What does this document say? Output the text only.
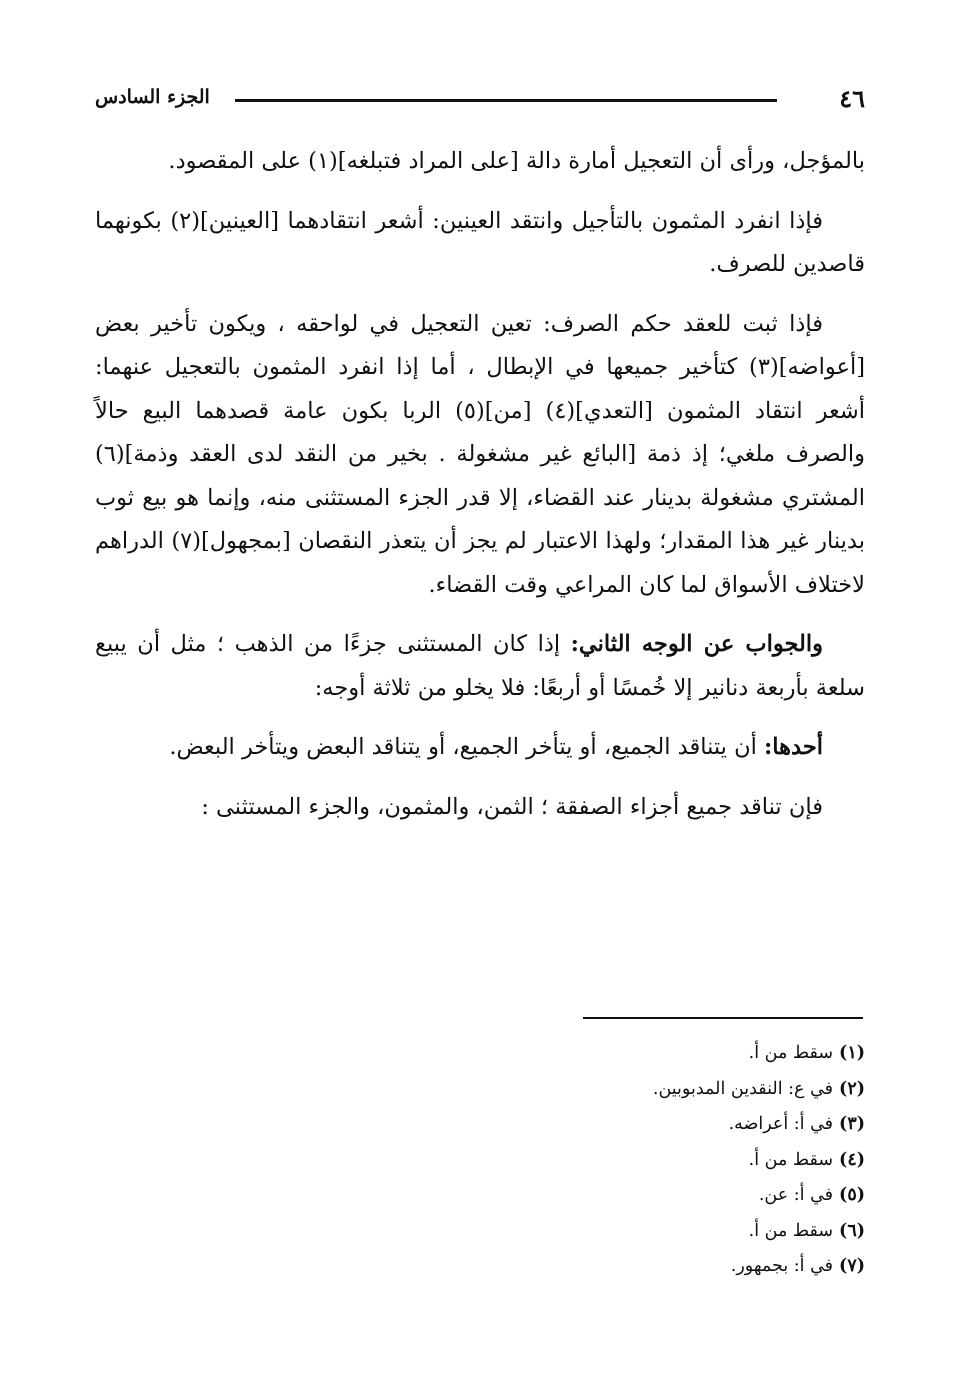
٤٦
الجزء السادس

بالمؤجل، ورأى أن التعجيل أمارة دالة [على المراد فتبلغه](١) على المقصود.

فإذا انفرد المثمون بالتأجيل وانتقد العينين: أشعر انتقادهما [العينين](٢) بكونهما قاصدين للصرف.

فإذا ثبت للعقد حكم الصرف: تعين التعجيل في لواحقه ، ويكون تأخير بعض [أعواضه](٣) كتأخير جميعها في الإبطال ، أما إذا انفرد المثمون بالتعجيل عنهما: أشعر انتقاد المثمون [التعدي](٤) [من](٥) الربا بكون عامة قصدهما البيع حالاً والصرف ملغي؛ إذ ذمة [البائع غير مشغولة . بخير من النقد لدى العقد وذمة](٦) المشتري مشغولة بدينار عند القضاء، إلا قدر الجزء المستثنى منه، وإنما هو بيع ثوب بدينار غير هذا المقدار؛ ولهذا الاعتبار لم يجز أن يتعذر النقصان [بمجهول](٧) الدراهم لاختلاف الأسواق لما كان المراعي وقت القضاء.

والجواب عن الوجه الثاني: إذا كان المستثنى جزءًا من الذهب ؛ مثل أن يبيع سلعة بأربعة دنانير إلا خُمسًا أو أربعًا: فلا يخلو من ثلاثة أوجه:

أحدها: أن يتناقد الجميع، أو يتأخر الجميع، أو يتناقد البعض ويتأخر البعض.

فإن تناقد جميع أجزاء الصفقة ؛ الثمن، والمثمون، والجزء المستثنى :

(١)سقط من أ.
(٢)في ع: النقدين المدبوبين.
(٣)في أ: أعراضه.
(٤)سقط من أ.
(٥)في أ: عن.
(٦)سقط من أ.
(٧)في أ: بجمهور.
